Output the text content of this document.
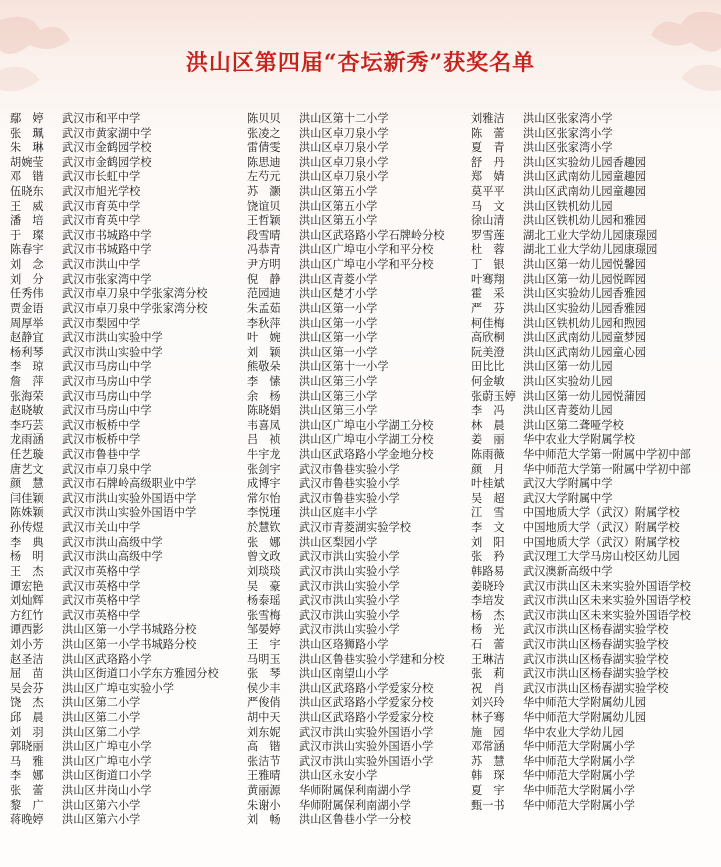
洪山区第四届“杏坛新秀”获奖名单
鄢　婷	武汉市和平中学
张　珮	武汉市黄家湖中学
朱　琳	武汉市金鹤园学校
胡婉莹	武汉市金鹤园学校
邓　锴	武汉市长虹中学
伍晓东	武汉市旭光学校
王　威	武汉市育英中学
潘　培	武汉市育英中学
于　璨	武汉市书城路中学
陈春宇	武汉市书城路中学
刘　念	武汉市洪山中学
刘　分	武汉市张家湾中学
任秀伟	武汉市卓刀泉中学张家湾分校
贾金语	武汉市卓刀泉中学张家湾分校
周厚举	武汉市梨园中学
赵静宜	武汉市洪山实验中学
杨利琴	武汉市洪山实验中学
李　琼	武汉市马房山中学
詹　萍	武汉市马房山中学
张海荣	武汉市马房山中学
赵晓敏	武汉市马房山中学
李巧芸	武汉市板桥中学
龙雨涵	武汉市板桥中学
任艺璇	武汉市鲁巷中学
唐艺文	武汉市卓刀泉中学
颜　慧	武汉市石牌岭高级职业中学
闫佳颖	武汉市洪山实验外国语中学
陈姝颖	武汉市洪山实验外国语中学
孙传煜	武汉市关山中学
李　典	武汉市洪山高级中学
杨　明	武汉市洪山高级中学
王　杰	武汉市英格中学
谭宏艳	武汉市英格中学
刘灿辉	武汉市英格中学
方红竹	武汉市英格中学
谭西影	洪山区第一小学书城路分校
刘小芳	洪山区第一小学书城路分校
赵圣洁	洪山区武珞路小学
屈　苗	洪山区街道口小学东方雅园分校
吴会芬	洪山区广埠屯实验小学
饶　杰	洪山区第二小学
邱　晨	洪山区第二小学
刘　羽	洪山区第二小学
郭晓丽	洪山区广埠屯小学
马　雅	洪山区广埠屯小学
李　娜	洪山区街道口小学
张　蕾	洪山区井岗山小学
黎　广	洪山区第六小学
蒋晚婷	洪山区第六小学
陈贝贝	洪山区第十二小学
张凌之	洪山区卓刀泉小学
雷倩雯	洪山区卓刀泉小学
陈思迪	洪山区卓刀泉小学
左芍元	洪山区卓刀泉小学
苏　灏	洪山区第五小学
饶谊贝	洪山区第五小学
王哲颖	洪山区第五小学
段雪晴	洪山区武珞路小学石牌岭分校
冯恭青	洪山区广埠屯小学和平分校
尹方明	洪山区广埠屯小学和平分校
倪　静	洪山区青菱小学
范园迪	洪山区楚才小学
朱孟茹	洪山区第一小学
李秋萍	洪山区第一小学
叶　婉	洪山区第一小学
刘　颖	洪山区第一小学
熊敬朵	洪山区第十一小学
李　愫	洪山区第三小学
余　杨	洪山区第三小学
陈晓娟	洪山区第三小学
韦喜凤	洪山区广埠屯小学湖工分校
吕　祯	洪山区广埠屯小学湖工分校
牛宇龙	洪山区武珞路小学金地分校
张剑宇	武汉市鲁巷实验小学
成博宇	武汉市鲁巷实验小学
常尔怡	武汉市鲁巷实验小学
李悦瑾	洪山区庭丰小学
於慧钦	武汉市青菱湖实验学校
张　娜	洪山区梨园小学
曾文政	武汉市洪山实验小学
刘琰琰	武汉市洪山实验小学
吴　豪	武汉市洪山实验小学
杨泰瑶	武汉市洪山实验小学
张雪梅	武汉市洪山实验小学
邹晏婷	武汉市洪山实验小学
王　宇	洪山区珞狮路小学
马明玉	洪山区鲁巷实验小学建和分校
张　琴	洪山区南望山小学
侯少丰	洪山区武珞路小学爱家分校
严俊俏	洪山区武珞路小学爱家分校
胡中天	洪山区武珞路小学爱家分校
刘东妮	武汉市洪山实验外国语小学
高　锴	武汉市洪山实验外国语小学
张洁节	武汉市洪山实验外国语小学
王雅晴	洪山区永安小学
黄丽源	华师附属保利南湖小学
朱谢小	华师附属保利南湖小学
刘　畅	洪山区鲁巷小学一分校
刘雅洁	洪山区张家湾小学
陈　蕾	洪山区张家湾小学
夏　青	洪山区张家湾小学
舒　丹	洪山区实验幼儿园香趣园
郑　婧	洪山区武南幼儿园童趣园
莫平平	洪山区武南幼儿园童趣园
马　文	洪山区铁机幼儿园
徐山清	洪山区铁机幼儿园和雅园
罗雪莲	湖北工业大学幼儿园康璟园
杜　蓉	湖北工业大学幼儿园康璟园
丁　银	洪山区第一幼儿园悦馨园
叶骞翔	洪山区第一幼儿园悦晖园
霍　采	洪山区实验幼儿园香雅园
严　芬	洪山区实验幼儿园香雅园
柯佳梅	洪山区铁机幼儿园和煦园
高欣桐	洪山区武南幼儿园童梦园
阮美澄	洪山区武南幼儿园童心园
田比比	洪山区第一幼儿园
何金敏	洪山区实验幼儿园
张蔚玉婷 洪山区第一幼儿园悦蒲园
李　冯	洪山区青菱幼儿园
林　晨	洪山区第二聋哑学校
姜　丽	华中农业大学附属学校
陈雨薇	华中师范大学第一附属中学初中部
颜　月	华中师范大学第一附属中学初中部
叶桂斌	武汉大学附属中学
吴　超	武汉大学附属中学
江　雪	中国地质大学（武汉）附属学校
李　文	中国地质大学（武汉）附属学校
刘　阳	中国地质大学（武汉）附属学校
张　矜	武汉理工大学马房山校区幼儿园
韩路易	武汉澳新高级中学
姜晓玲	武汉市洪山区未来实验外国语学校
李培发	武汉市洪山区未来实验外国语学校
杨　杰	武汉市洪山区未来实验外国语学校
杨　光	武汉市洪山区杨春湖实验学校
石　蕾	武汉市洪山区杨春湖实验学校
王琳洁	武汉市洪山区杨春湖实验学校
张　莉	武汉市洪山区杨春湖实验学校
祝　肖	武汉市洪山区杨春湖实验学校
刘兴玲	华中师范大学附属幼儿园
林子骞	华中师范大学附属幼儿园
施　园	华中农业大学幼儿园
邓常涵	华中师范大学附属小学
苏　慧	华中师范大学附属小学
韩　琛	华中师范大学附属小学
夏　宇	华中师范大学附属小学
甄一书	华中师范大学附属小学
